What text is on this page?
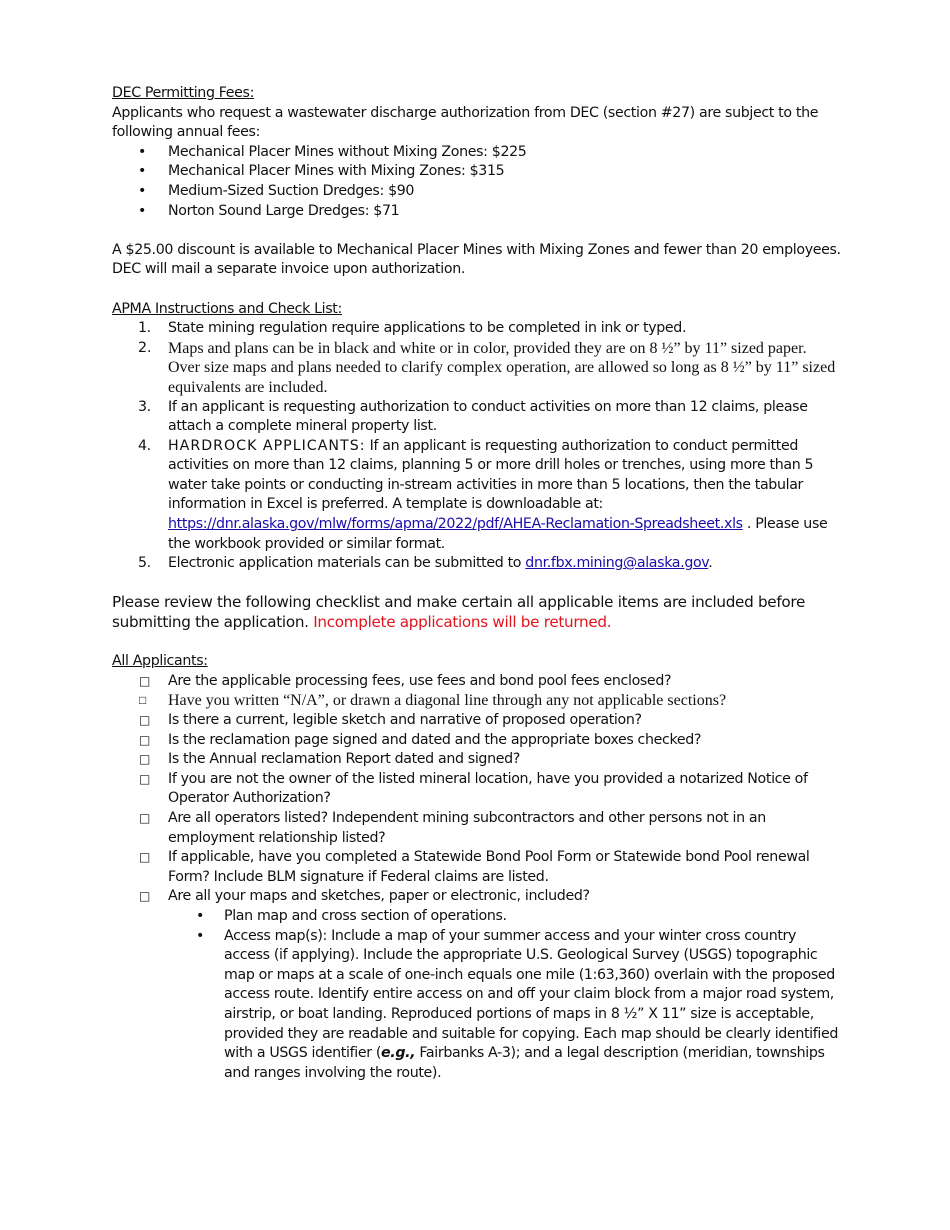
DEC Permitting Fees:

Applicants who request a wastewater discharge authorization from DEC (section #27) are subject to the following annual fees:

•	Mechanical Placer Mines without Mixing Zones: $225
•	Mechanical Placer Mines with Mixing Zones: $315
•	Medium-Sized Suction Dredges: $90
•	Norton Sound Large Dredges: $71

A $25.00 discount is available to Mechanical Placer Mines with Mixing Zones and fewer than 20 employees. DEC will mail a separate invoice upon authorization.

APMA Instructions and Check List:
1.	State mining regulation require applications to be completed in ink or typed.
2.	Maps and plans can be in black and white or in color, provided they are on 8 ½” by 11” sized paper. Over size maps and plans needed to clarify complex operation, are allowed so long as 8 ½” by 11” sized equivalents are included.
3.	If an applicant is requesting authorization to conduct activities on more than 12 claims, please attach a complete mineral property list.
4.	HARDROCK APPLICANTS: If an applicant is requesting authorization to conduct permitted activities on more than 12 claims, planning 5 or more drill holes or trenches, using more than 5 water take points or conducting in-stream activities in more than 5 locations, then the tabular information in Excel is preferred. A template is downloadable at: https://dnr.alaska.gov/mlw/forms/apma/2022/pdf/AHEA-Reclamation-Spreadsheet.xls . Please use the workbook provided or similar format.
5.	Electronic application materials can be submitted to dnr.fbx.mining@alaska.gov.

Please review the following checklist and make certain all applicable items are included before submitting the application. Incomplete applications will be returned.

All Applicants:
□ Are the applicable processing fees, use fees and bond pool fees enclosed?
□ Have you written “N/A”, or drawn a diagonal line through any not applicable sections?
□ Is there a current, legible sketch and narrative of proposed operation?
□ Is the reclamation page signed and dated and the appropriate boxes checked?
□ Is the Annual reclamation Report dated and signed?
□ If you are not the owner of the listed mineral location, have you provided a notarized Notice of Operator Authorization?
□ Are all operators listed? Independent mining subcontractors and other persons not in an employment relationship listed?
□ If applicable, have you completed a Statewide Bond Pool Form or Statewide bond Pool renewal Form? Include BLM signature if Federal claims are listed.
□ Are all your maps and sketches, paper or electronic, included?
•	Plan map and cross section of operations.
•	Access map(s): Include a map of your summer access and your winter cross country access (if applying). Include the appropriate U.S. Geological Survey (USGS) topographic map or maps at a scale of one-inch equals one mile (1:63,360) overlain with the proposed access route. Identify entire access on and off your claim block from a major road system, airstrip, or boat landing. Reproduced portions of maps in 8 ½” X 11” size is acceptable, provided they are readable and suitable for copying. Each map should be clearly identified with a USGS identifier (e.g., Fairbanks A-3); and a legal description (meridian, townships and ranges involving the route).
